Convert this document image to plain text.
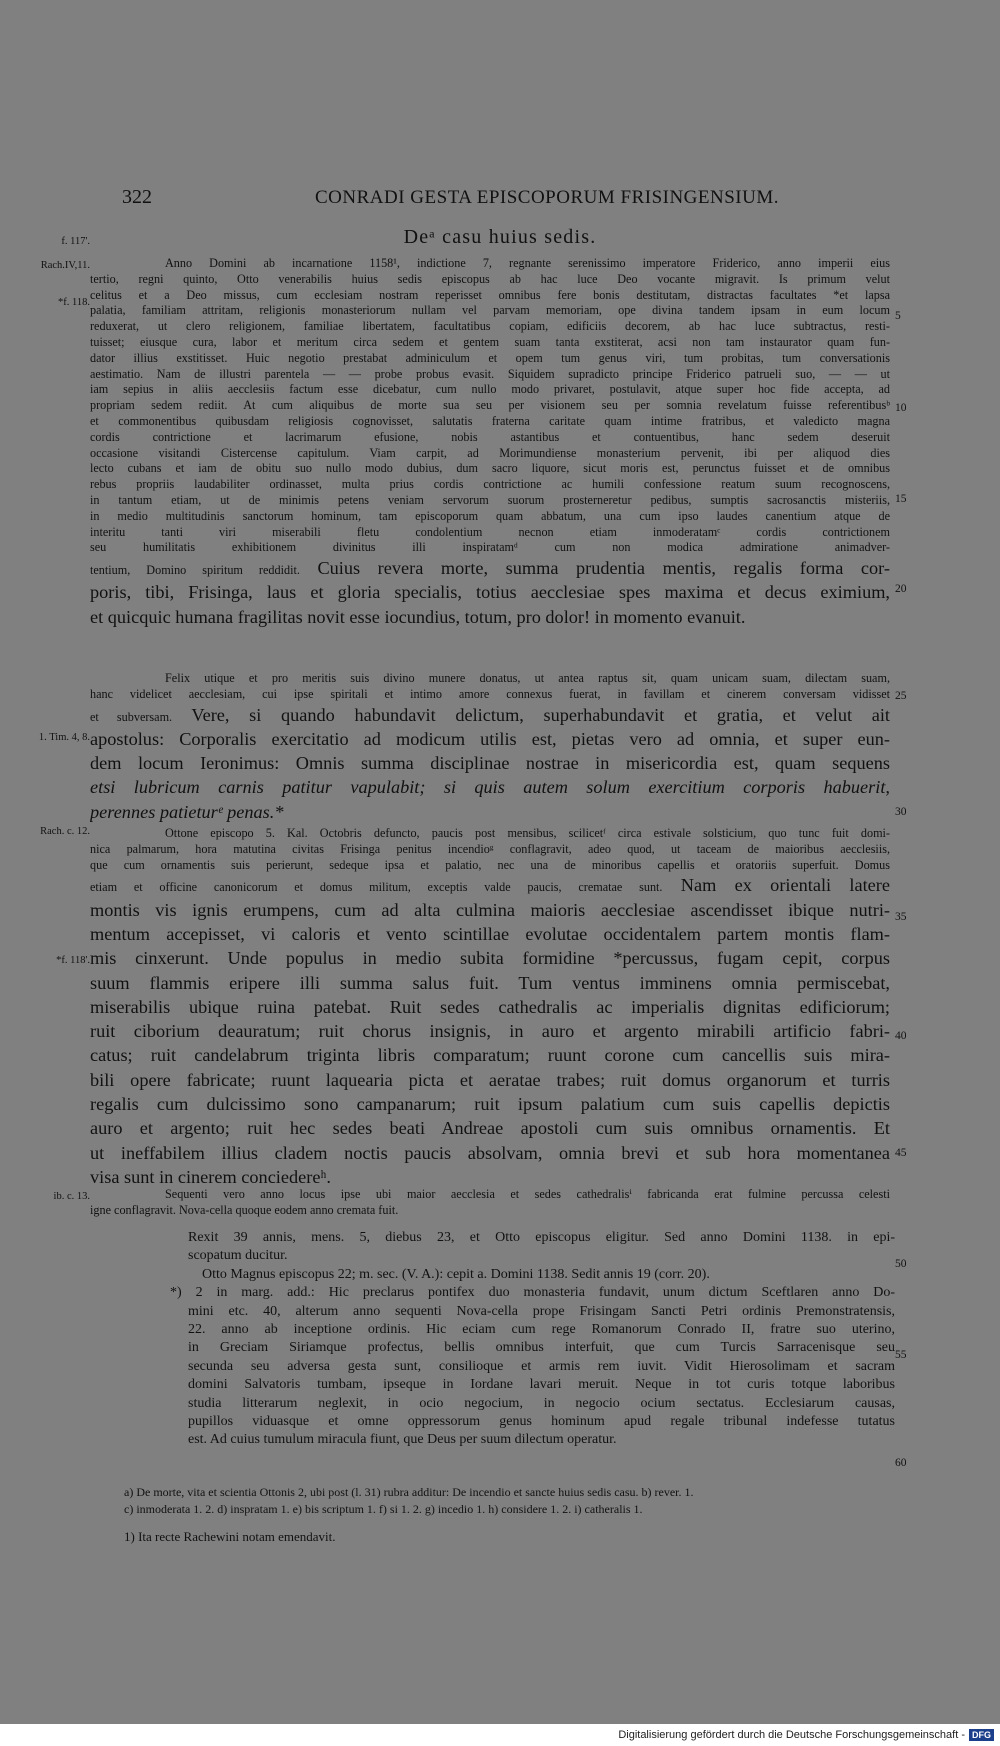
322	CONRADI GESTA EPISCOPORUM FRISINGENSIUM.
Deᵃ casu huius sedis.
f. 117'.
Rach.IV,11.
*f. 118.
1. Tim. 4, 8.
Rach. c. 12.
*f. 118'.
ib. c. 13.
5
10
15
20
25
30
35
40
45
50
55
60
Anno Domini ab incarnatione 1158¹, indictione 7, regnante serenissimo imperatore Friderico, anno imperii eius
tertio, regni quinto, Otto venerabilis huius sedis episcopus ab hac luce Deo vocante migravit. Is primum velut
celitus et a Deo missus, cum ecclesiam nostram reperisset omnibus fere bonis destitutam, distractas facultates *et lapsa
palatia, familiam attritam, religionis monasteriorum nullam vel parvam memoriam, ope divina tandem ipsam in eum locum
reduxerat, ut clero religionem, familiae libertatem, facultatibus copiam, edificiis decorem, ab hac luce subtractus, resti-
tuisset; eiusque cura, labor et meritum circa sedem et gentem suam tanta exstiterat, acsi non tam instaurator quam fun-
dator illius exstitisset. Huic negotio prestabat adminiculum et opem tum genus viri, tum probitas, tum conversationis
aestimatio. Nam de illustri parentela — — probe probus evasit. Siquidem supradicto principe Friderico patrueli suo, — — ut
iam sepius in aliis aecclesiis factum esse dicebatur, cum nullo modo privaret, postulavit, atque super hoc fide accepta, ad
propriam sedem rediit. At cum aliquibus de morte sua seu per visionem seu per somnia revelatum fuisse referentibusᵇ
et commonentibus quibusdam religiosis cognovisset, salutatis fraterna caritate quam intime fratribus, et valedicto magna
cordis contrictione et lacrimarum efusione, nobis astantibus et contuentibus, hanc sedem deseruit
occasione visitandi Cistercense capitulum. Viam carpit, ad Morimundiense monasterium pervenit, ibi per aliquod dies
lecto cubans et iam de obitu suo nullo modo dubius, dum sacro liquore, sicut moris est, perunctus fuisset et de omnibus
rebus propriis laudabiliter ordinasset, multa prius cordis contrictione ac humili confessione reatum suum recognoscens,
in tantum etiam, ut de minimis petens veniam servorum suorum prosterneretur pedibus, sumptis sacrosanctis misteriis,
in medio multitudinis sanctorum hominum, tam episcoporum quam abbatum, una cum ipso laudes canentium atque de
interitu tanti viri miserabili fletu condolentium necnon etiam inmoderatamᶜ cordis contrictionem
seu humilitatis exhibitionem divinitus illi inspiratamᵈ cum non modica admiratione animadver-
tentium, Domino spiritum reddidit. Cuius revera morte, summa prudentia mentis, regalis forma cor-
poris, tibi, Frisinga, laus et gloria specialis, totius aecclesiae spes maxima et decus eximium,
et quicquic humana fragilitas novit esse iocundius, totum, pro dolor! in momento evanuit.
Felix utique et pro meritis suis divino munere donatus, ut antea raptus sit, quam unicam suam, dilectam suam,
hanc videlicet aecclesiam, cui ipse spiritali et intimo amore connexus fuerat, in favillam et cinerem conversam vidisset
et subversam. Vere, si quando habundavit delictum, superhabundavit et gratia, et velut ait
apostolus: Corporalis exercitatio ad modicum utilis est, pietas vero ad omnia, et super eun-
dem locum Ieronimus: Omnis summa disciplinae nostrae in misericordia est, quam sequens
etsi lubricum carnis patitur vapulabit; si quis autem solum exercitium corporis habuerit,
perennes patieturᵉ penas.*
Ottone episcopo 5. Kal. Octobris defuncto, paucis post mensibus, scilicetᶠ circa estivale solsticium, quo tunc fuit domi-
nica palmarum, hora matutina civitas Frisinga penitus incendioᵍ conflagravit, adeo quod, ut taceam de maioribus aecclesiis,
que cum ornamentis suis perierunt, sedeque ipsa et palatio, nec una de minoribus capellis et oratoriis superfuit. Domus
etiam et officine canonicorum et domus militum, exceptis valde paucis, crematae sunt. Nam ex orientali latere
montis vis ignis erumpens, cum ad alta culmina maioris aecclesiae ascendisset ibique nutri-
mentum accepisset, vi caloris et vento scintillae evolutae occidentalem partem montis flam-
mis cinxerunt. Unde populus in medio subita formidine *percussus, fugam cepit, corpus
suum flammis eripere illi summa salus fuit. Tum ventus imminens omnia permiscebat,
miserabilis ubique ruina patebat. Ruit sedes cathedralis ac imperialis dignitas edificiorum;
ruit ciborium deauratum; ruit chorus insignis, in auro et argento mirabili artificio fabri-
catus; ruit candelabrum triginta libris comparatum; ruunt corone cum cancellis suis mira-
bili opere fabricate; ruunt laquearia picta et aeratae trabes; ruit domus organorum et turris
regalis cum dulcissimo sono campanarum; ruit ipsum palatium cum suis capellis depictis
auro et argento; ruit hec sedes beati Andreae apostoli cum suis omnibus ornamentis. Et
ut ineffabilem illius cladem noctis paucis absolvam, omnia brevi et sub hora momentanea
visa sunt in cinerem conciedereʰ.
Sequenti vero anno locus ipse ubi maior aecclesia et sedes cathedralisⁱ fabricanda erat fulmine percussa celesti
igne conflagravit. Nova-cella quoque eodem anno cremata fuit.
Rexit 39 annis, mens. 5, diebus 23, et Otto episcopus eligitur. Sed anno Domini 1138. in epi-
scopatum ducitur.
Otto Magnus episcopus 22; m. sec. (V. A.): cepit a. Domini 1138. Sedit annis 19 (corr. 20).
*) 2 in marg. add.: Hic preclarus pontifex duo monasteria fundavit, unum dictum Sceftlaren anno Do-
mini etc. 40, alterum anno sequenti Nova-cella prope Frisingam Sancti Petri ordinis Premonstratensis,
22. anno ab inceptione ordinis. Hic eciam cum rege Romanorum Conrado II, fratre suo uterino,
in Greciam Siriamque profectus, bellis omnibus interfuit, que cum Turcis Sarracenisque seu
secunda seu adversa gesta sunt, consilioque et armis rem iuvit. Vidit Hierosolimam et sacram
domini Salvatoris tumbam, ipseque in Iordane lavari meruit. Neque in tot curis totque laboribus
studia litterarum neglexit, in ocio negocium, in negocio ocium sectatus. Ecclesiarum causas,
pupillos viduasque et omne oppressorum genus hominum apud regale tribunal indefesse tutatus
est. Ad cuius tumulum miracula fiunt, que Deus per suum dilectum operatur.
a) De morte, vita et scientia Ottonis 2, ubi post (l. 31) rubra additur: De incendio et sancte huius sedis casu. b) rever. 1.
c) inmoderata 1. 2. d) inspratam 1. e) bis scriptum 1. f) si 1. 2. g) incedio 1. h) considere 1. 2. i) catheralis 1.
1) Ita recte Rachewini notam emendavit.
Digitalisierung gefördert durch die Deutsche Forschungsgemeinschaft - DFG
